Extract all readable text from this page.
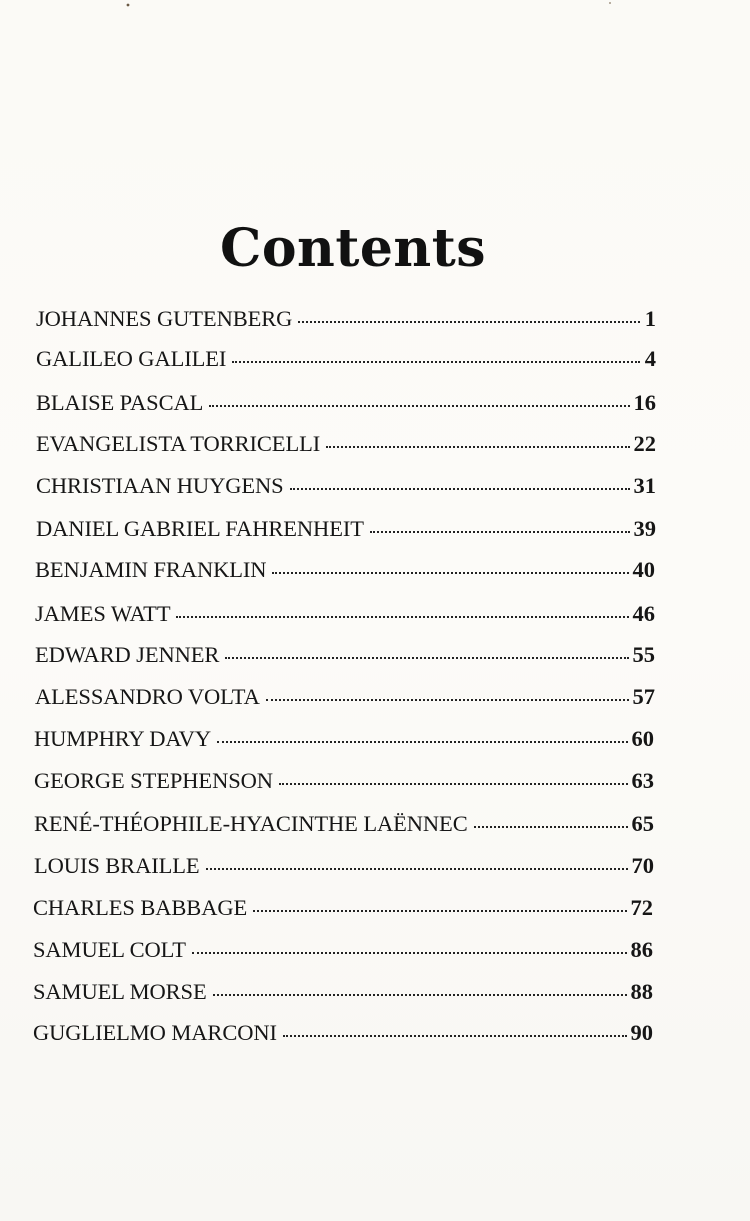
Contents
JOHANNES GUTENBERG	1
GALILEO GALILEI	4
BLAISE PASCAL	16
EVANGELISTA TORRICELLI	22
CHRISTIAAN HUYGENS	31
DANIEL GABRIEL FAHRENHEIT	39
BENJAMIN FRANKLIN	40
JAMES WATT	46
EDWARD JENNER	55
ALESSANDRO VOLTA	57
HUMPHRY DAVY	60
GEORGE STEPHENSON	63
RENÉ-THÉOPHILE-HYACINTHE LAËNNEC	65
LOUIS BRAILLE	70
CHARLES BABBAGE	72
SAMUEL COLT	86
SAMUEL MORSE	88
GUGLIELMO MARCONI	90
